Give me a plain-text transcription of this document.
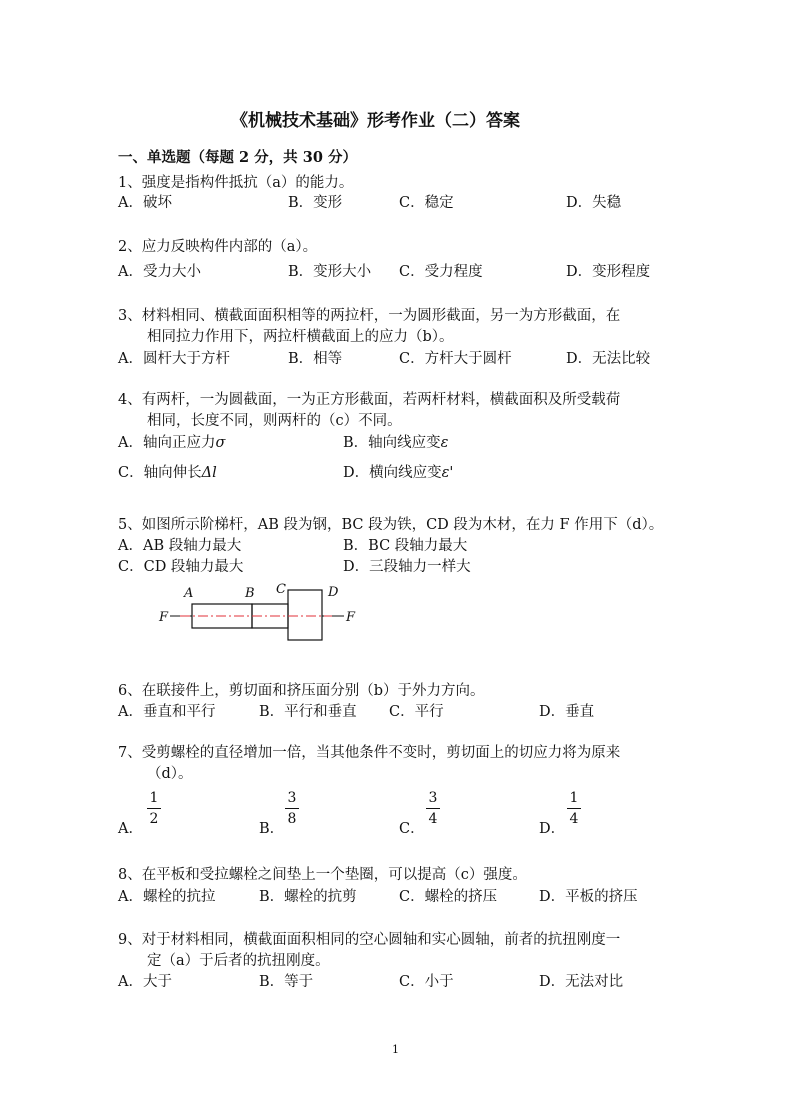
《机械技术基础》形考作业（二）答案
一、单选题（每题 2 分，共 30 分）
1、强度是指构件抵抗（a）的能力。
A．破坏	B．变形	C．稳定	D．失稳
2、应力反映构件内部的（a）。
A．受力大小	B．变形大小 C．受力程度	D．变形程度
3、材料相同、横截面面积相等的两拉杆，一为圆形截面，另一为方形截面，在
相同拉力作用下，两拉杆横截面上的应力（b）。
A．圆杆大于方杆	B．相等	C．方杆大于圆杆	D．无法比较
4、有两杆，一为圆截面，一为正方形截面，若两杆材料，横截面积及所受载荷
相同，长度不同，则两杆的（c）不同。
A．轴向正应力σ	B．轴向线应变ε
C．轴向伸长Δl	D．横向线应变ε'
5、如图所示阶梯杆，AB 段为钢，BC 段为铁，CD 段为木材，在力 F 作用下（d）。
A．AB 段轴力最大	B．BC 段轴力最大
C．CD 段轴力最大	D．三段轴力一样大
A	B C	D
F	F
6、在联接件上，剪切面和挤压面分别（b）于外力方向。
A．垂直和平行	B．平行和垂直 C．平行	D．垂直
7、受剪螺栓的直径增加一倍，当其他条件不变时，剪切面上的切应力将为原来
（d）。
A．
1
2
B．
3
8
C．
3
4
D．
1
4
8、在平板和受拉螺栓之间垫上一个垫圈，可以提高（c）强度。
A．螺栓的抗拉	B．螺栓的抗剪	C．螺栓的挤压	D．平板的挤压
9、对于材料相同，横截面面积相同的空心圆轴和实心圆轴，前者的抗扭刚度一
定（a）于后者的抗扭刚度。
A．大于	B．等于	C．小于	D．无法对比
1
